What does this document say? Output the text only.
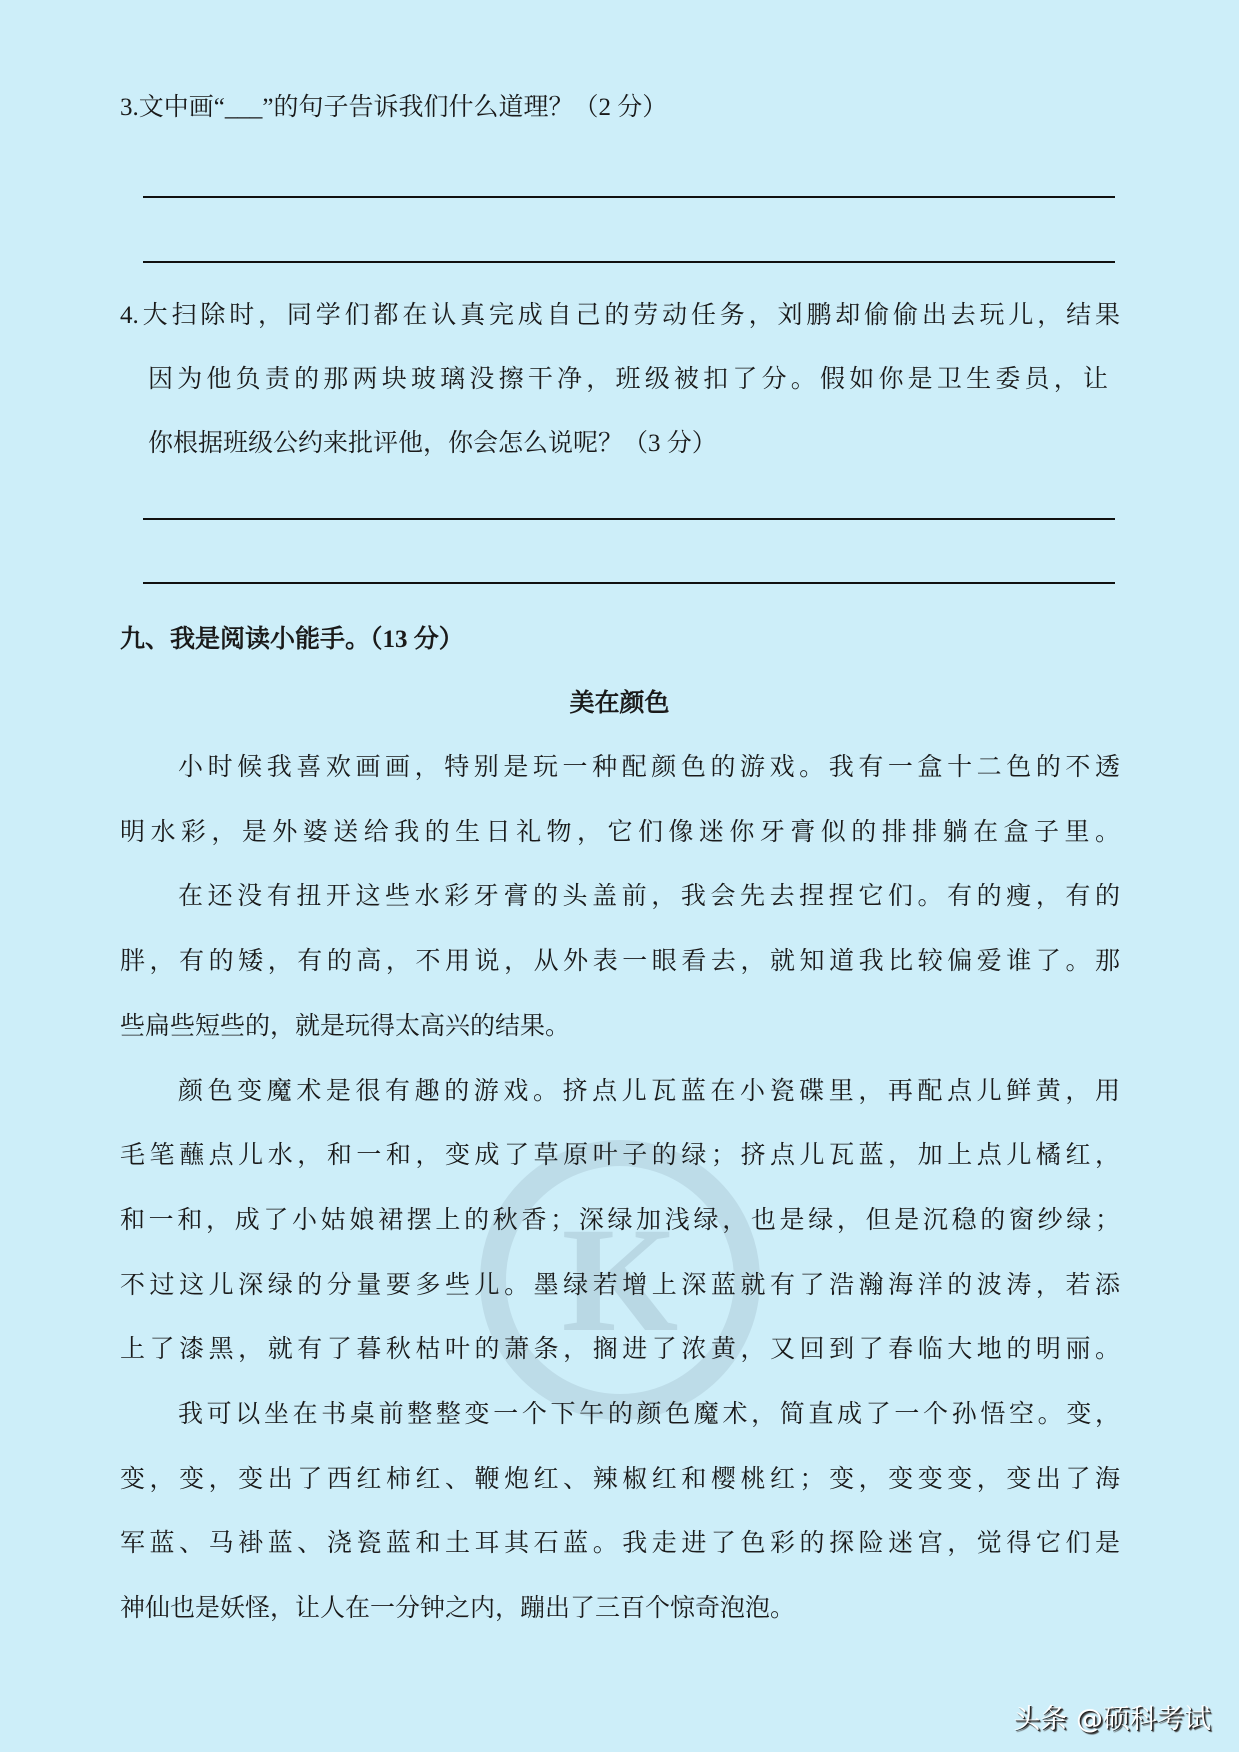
K
3.文中画“___”的句子告诉我们什么道理？（2 分）
4.大扫除时，同学们都在认真完成自己的劳动任务，刘鹏却偷偷出去玩儿，结果
因为他负责的那两块玻璃没擦干净，班级被扣了分。假如你是卫生委员，让
你根据班级公约来批评他，你会怎么说呢？（3 分）
九、我是阅读小能手。（13 分）
美在颜色
小时候我喜欢画画，特别是玩一种配颜色的游戏。我有一盒十二色的不透
明水彩，是外婆送给我的生日礼物，它们像迷你牙膏似的排排躺在盒子里。
在还没有扭开这些水彩牙膏的头盖前，我会先去捏捏它们。有的瘦，有的
胖，有的矮，有的高，不用说，从外表一眼看去，就知道我比较偏爱谁了。那
些扁些短些的，就是玩得太高兴的结果。
颜色变魔术是很有趣的游戏。挤点儿瓦蓝在小瓷碟里，再配点儿鲜黄，用
毛笔蘸点儿水，和一和，变成了草原叶子的绿；挤点儿瓦蓝，加上点儿橘红，
和一和，成了小姑娘裙摆上的秋香；深绿加浅绿，也是绿，但是沉稳的窗纱绿；
不过这儿深绿的分量要多些儿。墨绿若增上深蓝就有了浩瀚海洋的波涛，若添
上了漆黑，就有了暮秋枯叶的萧条，搁进了浓黄，又回到了春临大地的明丽。
我可以坐在书桌前整整变一个下午的颜色魔术，简直成了一个孙悟空。变，
变，变，变出了西红柿红、鞭炮红、辣椒红和樱桃红；变，变变变，变出了海
军蓝、马褂蓝、浇瓷蓝和土耳其石蓝。我走进了色彩的探险迷宫，觉得它们是
神仙也是妖怪，让人在一分钟之内，蹦出了三百个惊奇泡泡。
头条 @硕科考试
